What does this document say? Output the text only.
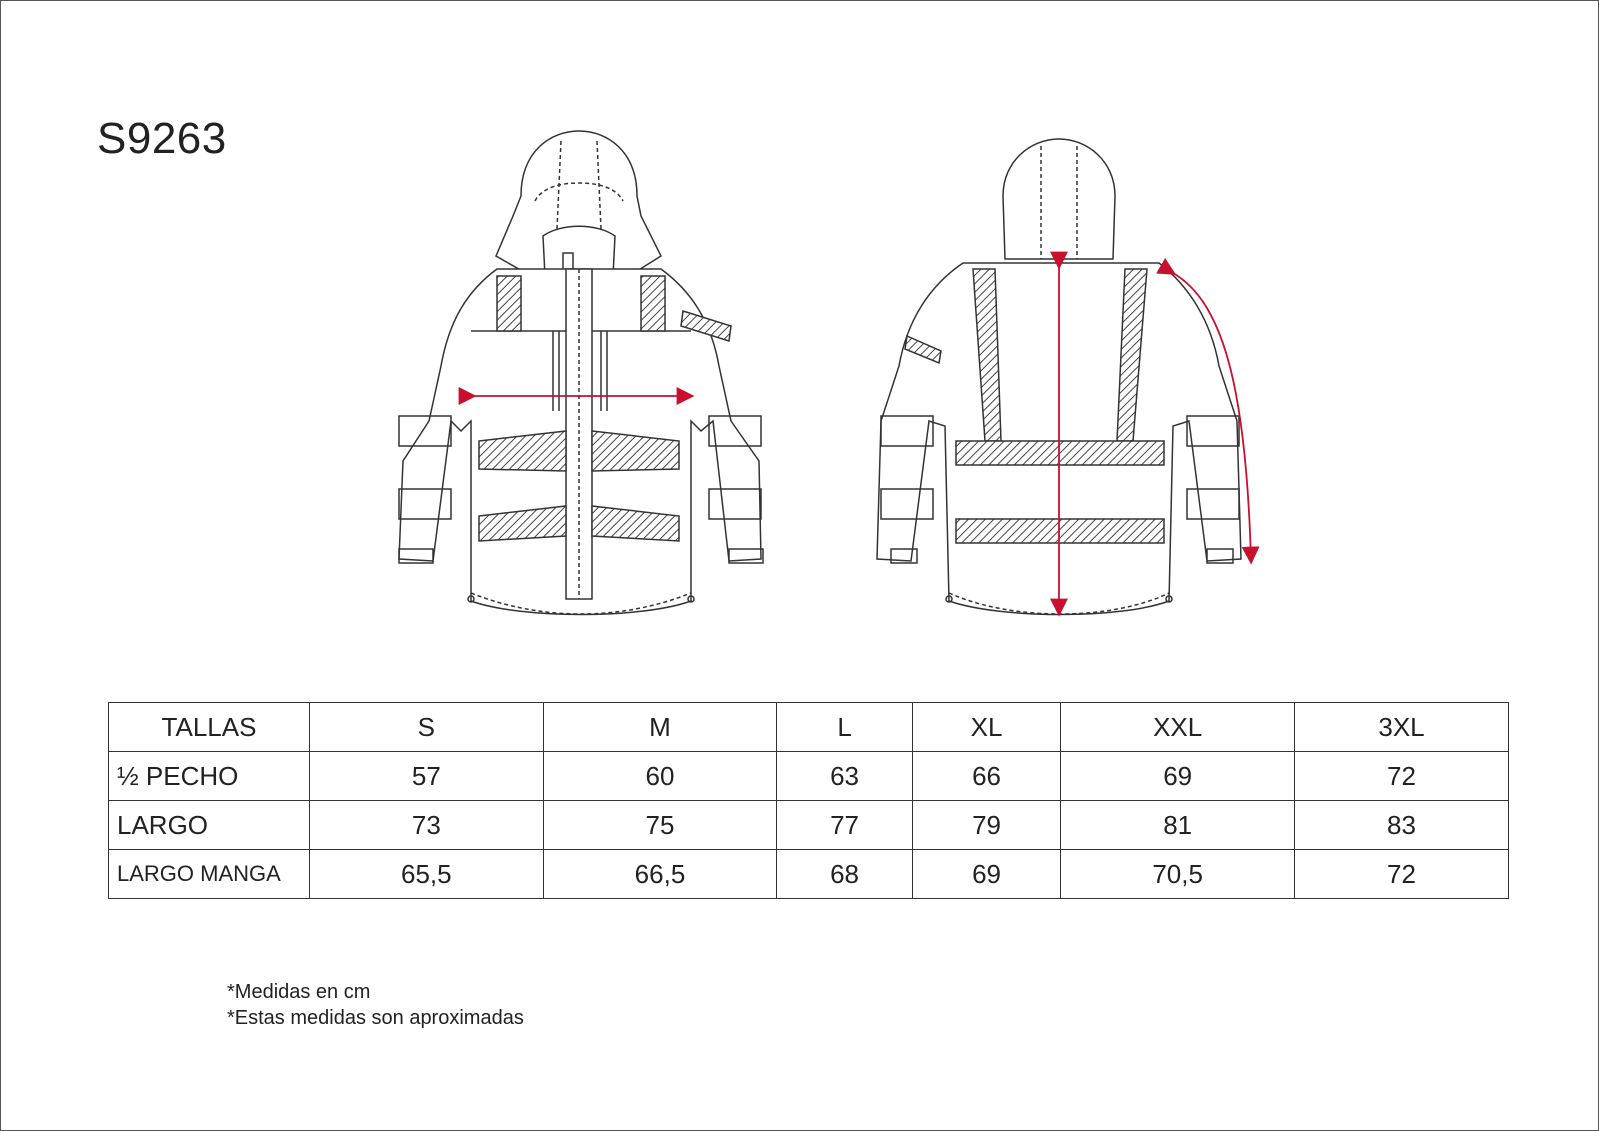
S9263
TALLAS	S	M	L	XL	XXL	3XL
½ PECHO	57	60	63	66	69	72
LARGO	73	75	77	79	81	83
LARGO MANGA	65,5	66,5	68	69	70,5	72
*Medidas en cm
*Estas medidas son aproximadas
